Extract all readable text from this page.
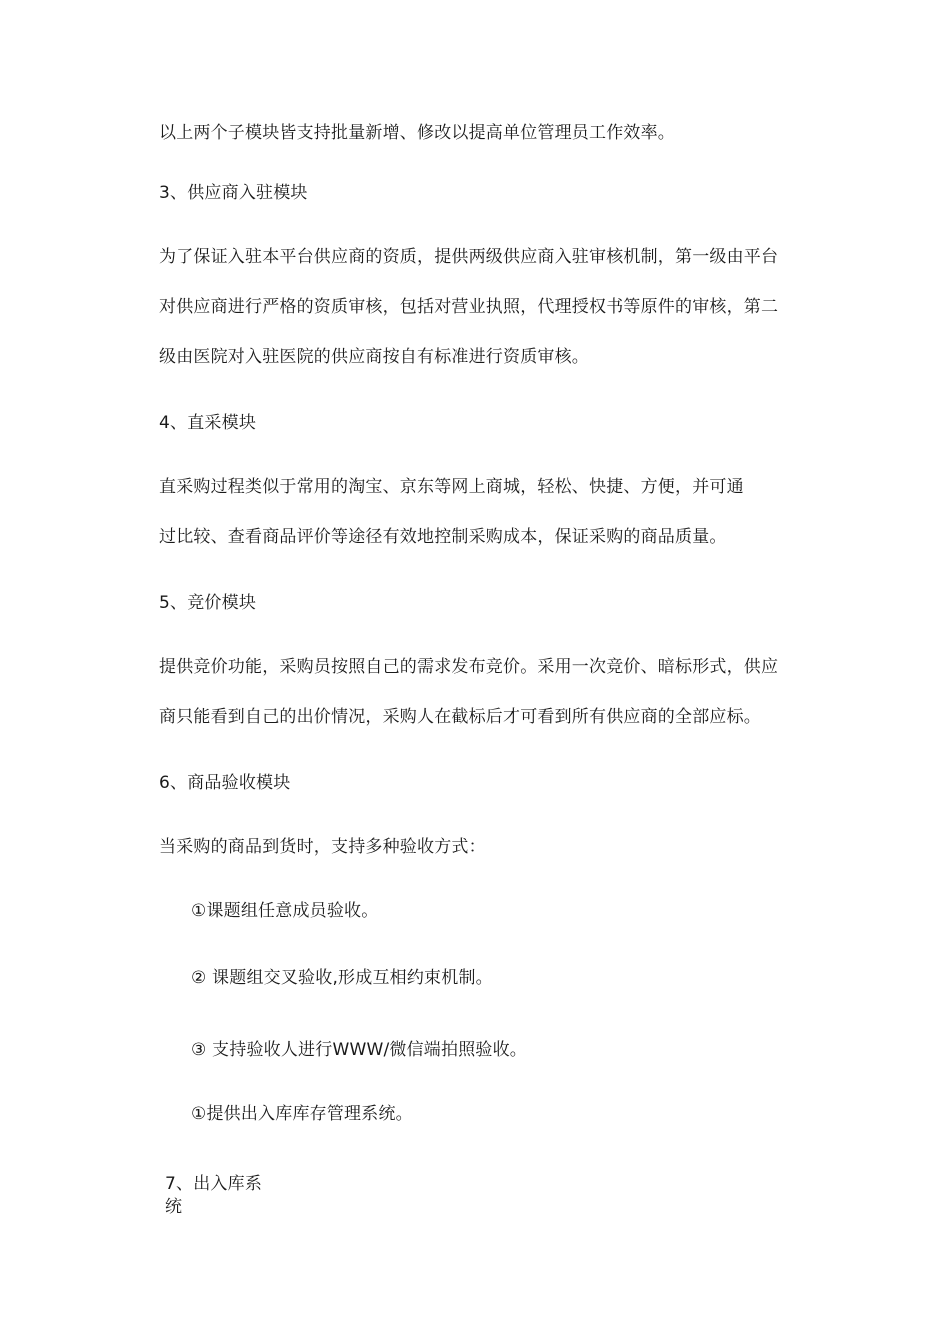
以上两个子模块皆支持批量新增、修改以提高单位管理员工作效率。
3、供应商入驻模块
为了保证入驻本平台供应商的资质，提供两级供应商入驻审核机制，第一级由平台
对供应商进行严格的资质审核，包括对营业执照，代理授权书等原件的审核，第二
级由医院对入驻医院的供应商按自有标准进行资质审核。
4、直采模块
直采购过程类似于常用的淘宝、京东等网上商城，轻松、快捷、方便，并可通
过比较、查看商品评价等途径有效地控制采购成本，保证采购的商品质量。
5、竞价模块
提供竞价功能，采购员按照自己的需求发布竞价。采用一次竞价、暗标形式，供应
商只能看到自己的出价情况，采购人在截标后才可看到所有供应商的全部应标。
6、商品验收模块
当采购的商品到货时，支持多种验收方式：
①课题组任意成员验收。
② 课题组交叉验收,形成互相约束机制。
③ 支持验收人进行WWW/微信端拍照验收。
①提供出入库库存管理系统。
7、出入库系
统
